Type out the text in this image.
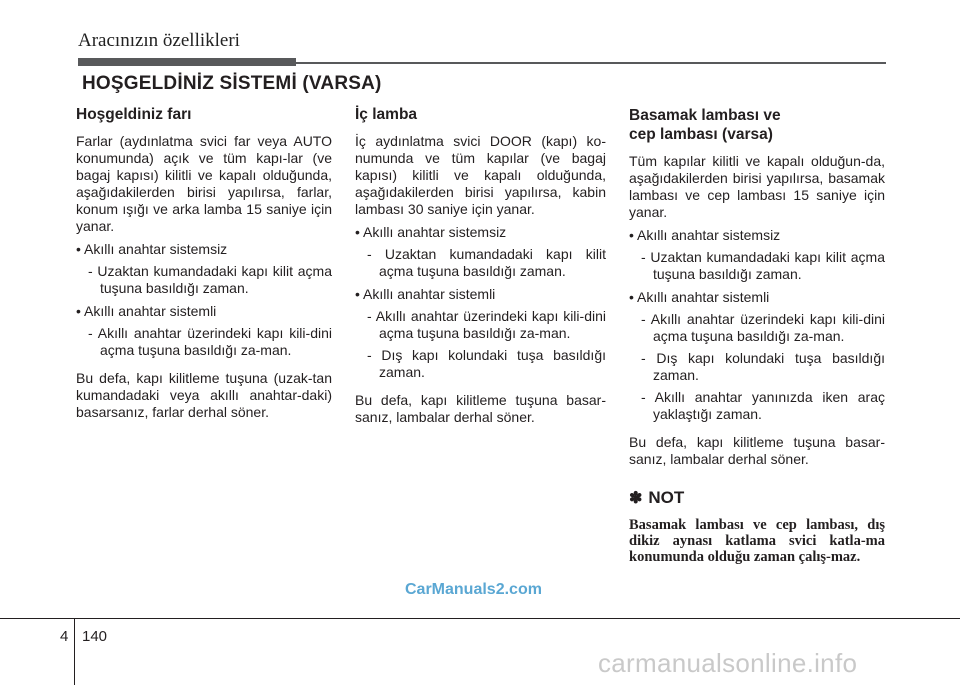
Aracınızın özellikleri
HOŞGELDİNİZ SİSTEMİ (VARSA)
Hoşgeldiniz farı

Farlar (aydınlatma svici far veya AUTO konumunda) açık ve tüm kapı-lar (ve bagaj kapısı) kilitli ve kapalı olduğunda, aşağıdakilerden birisi yapılırsa, farlar, konum ışığı ve arka lamba 15 saniye için yanar.

• Akıllı anahtar sistemsiz
- Uzaktan kumandadaki kapı kilit açma tuşuna basıldığı zaman.
• Akıllı anahtar sistemli
- Akıllı anahtar üzerindeki kapı kili-dini açma tuşuna basıldığı za-man.

Bu defa, kapı kilitleme tuşuna (uzak-tan kumandadaki veya akıllı anahtar-daki) basarsanız, farlar derhal söner.

İç lamba

İç aydınlatma svici DOOR (kapı) ko-numunda ve tüm kapılar (ve bagaj kapısı) kilitli ve kapalı olduğunda, aşağıdakilerden birisi yapılırsa, kabin lambası 30 saniye için yanar.

• Akıllı anahtar sistemsiz
- Uzaktan kumandadaki kapı kilit açma tuşuna basıldığı zaman.
• Akıllı anahtar sistemli
- Akıllı anahtar üzerindeki kapı kili-dini açma tuşuna basıldığı za-man.
- Dış kapı kolundaki tuşa basıldığı zaman.

Bu defa, kapı kilitleme tuşuna basar-sanız, lambalar derhal söner.

Basamak lambası ve
cep lambası (varsa)

Tüm kapılar kilitli ve kapalı olduğun-da, aşağıdakilerden birisi yapılırsa, basamak lambası ve cep lambası 15 saniye için yanar.

• Akıllı anahtar sistemsiz
- Uzaktan kumandadaki kapı kilit açma tuşuna basıldığı zaman.
• Akıllı anahtar sistemli
- Akıllı anahtar üzerindeki kapı kili-dini açma tuşuna basıldığı za-man.
- Dış kapı kolundaki tuşa basıldığı zaman.
- Akıllı anahtar yanınızda iken araç yaklaştığı zaman.

Bu defa, kapı kilitleme tuşuna basar-sanız, lambalar derhal söner.

✽ NOT
Basamak lambası ve cep lambası, dış dikiz aynası katlama svici katla-ma konumunda olduğu zaman çalış-maz.
CarManuals2.com
4 140
carmanualsonline.info
